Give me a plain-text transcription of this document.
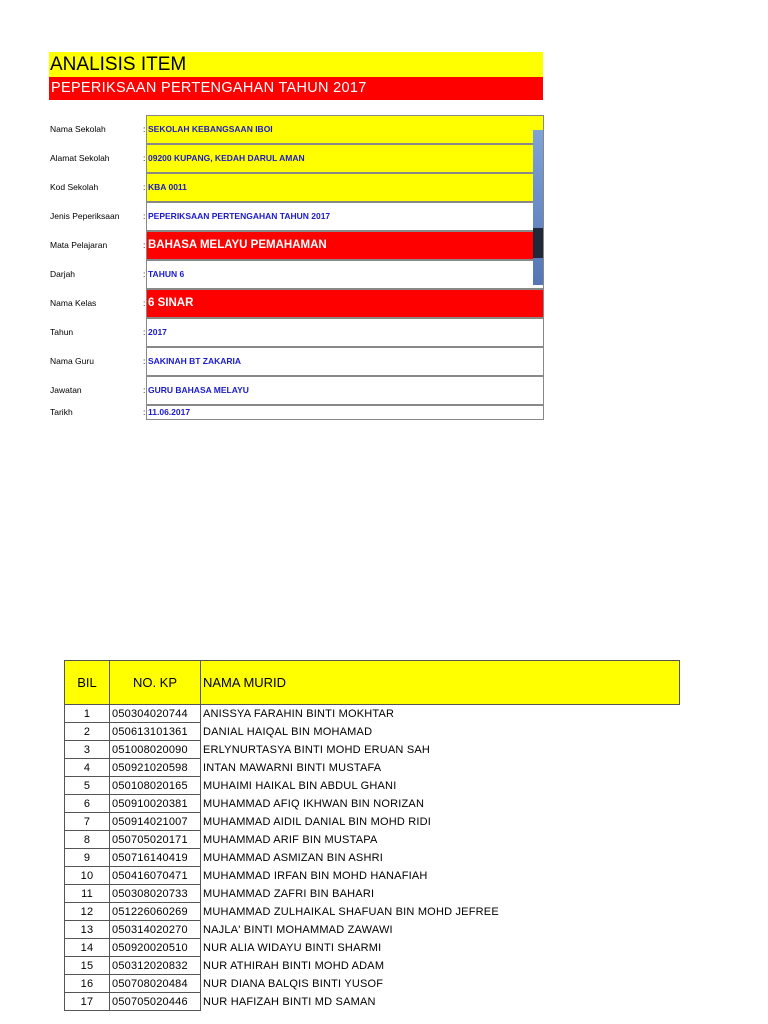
ANALISIS ITEM
PEPERIKSAAN PERTENGAHAN TAHUN 2017
Nama Sekolah	: SEKOLAH KEBANGSAAN IBOI
Alamat Sekolah	: 09200 KUPANG, KEDAH DARUL AMAN
Kod Sekolah	: KBA 0011
Jenis Peperiksaan	: PEPERIKSAAN PERTENGAHAN TAHUN 2017
Mata Pelajaran	: BAHASA MELAYU PEMAHAMAN
Darjah	: TAHUN 6
Nama Kelas	: 6 SINAR
Tahun	: 2017
Nama Guru	: SAKINAH BT ZAKARIA
Jawatan	: GURU BAHASA MELAYU
Tarikh	: 11.06.2017
BIL	NO. KP	NAMA MURID
1	050304020744	ANISSYA FARAHIN BINTI MOKHTAR
2	050613101361	DANIAL HAIQAL BIN MOHAMAD
3	051008020090	ERLYNURTASYA BINTI MOHD ERUAN SAH
4	050921020598	INTAN MAWARNI BINTI MUSTAFA
5	050108020165	MUHAIMI HAIKAL BIN ABDUL GHANI
6	050910020381	MUHAMMAD AFIQ IKHWAN BIN NORIZAN
7	050914021007	MUHAMMAD AIDIL DANIAL BIN MOHD RIDI
8	050705020171	MUHAMMAD ARIF BIN MUSTAPA
9	050716140419	MUHAMMAD ASMIZAN BIN ASHRI
10	050416070471	MUHAMMAD IRFAN BIN MOHD HANAFIAH
11	050308020733	MUHAMMAD ZAFRI BIN BAHARI
12	051226060269	MUHAMMAD ZULHAIKAL SHAFUAN BIN MOHD JEFREE
13	050314020270	NAJLA' BINTI MOHAMMAD ZAWAWI
14	050920020510	NUR ALIA WIDAYU BINTI SHARMI
15	050312020832	NUR ATHIRAH BINTI MOHD ADAM
16	050708020484	NUR DIANA BALQIS BINTI YUSOF
17	050705020446	NUR HAFIZAH BINTI MD SAMAN
